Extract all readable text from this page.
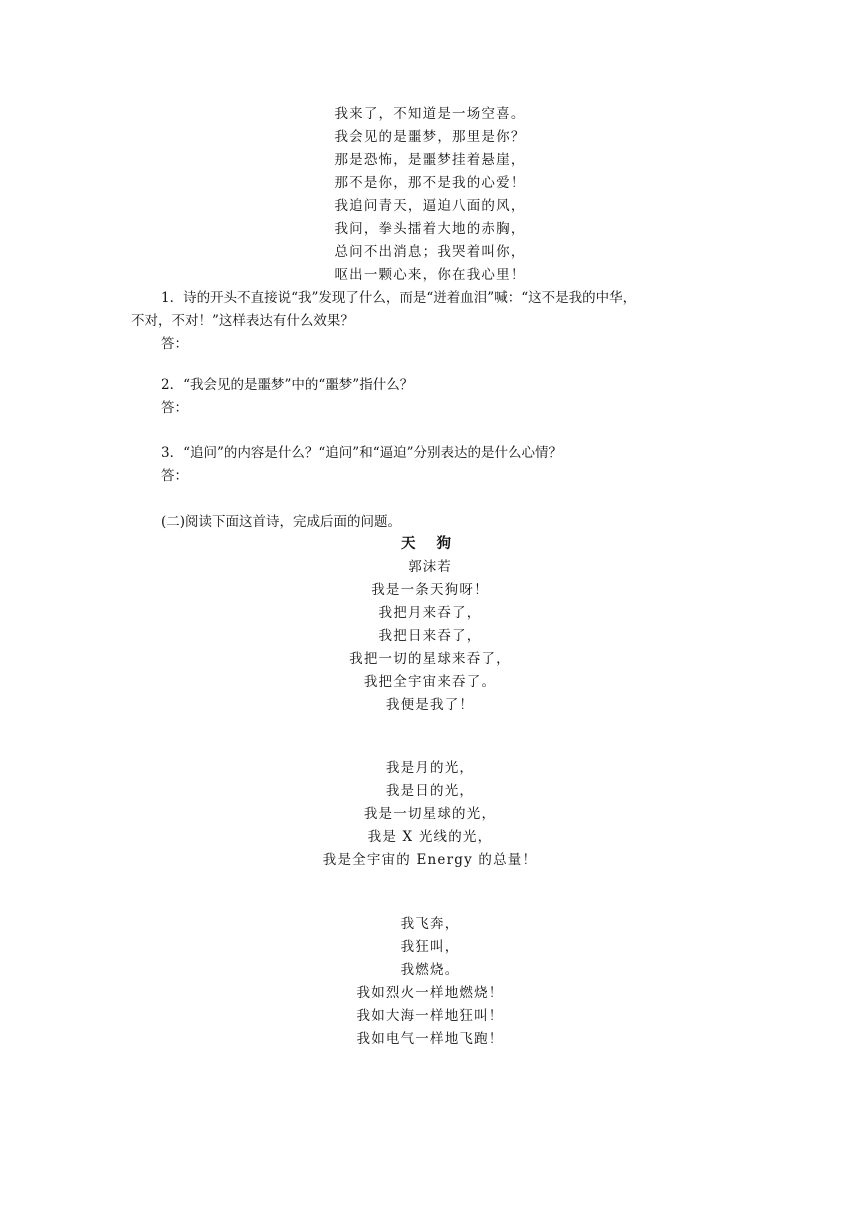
我来了，不知道是一场空喜。
我会见的是噩梦，那里是你？
那是恐怖，是噩梦挂着悬崖，
那不是你，那不是我的心爱！
我追问青天，逼迫八面的风，
我问，拳头擂着大地的赤胸，
总问不出消息；我哭着叫你，
呕出一颗心来，你在我心里！
1．诗的开头不直接说“我”发现了什么，而是“迸着血泪”喊：“这不是我的中华，
不对，不对！”这样表达有什么效果？
答：
2．“我会见的是噩梦”中的“噩梦”指什么？
答：
3．“追问”的内容是什么？“追问”和“逼迫”分别表达的是什么心情？
答：
(二)阅读下面这首诗，完成后面的问题。
天 狗
郭沫若
我是一条天狗呀！
我把月来吞了，
我把日来吞了，
我把一切的星球来吞了，
我把全宇宙来吞了。
我便是我了！
我是月的光，
我是日的光，
我是一切星球的光，
我是 X 光线的光，
我是全宇宙的 Energy 的总量！
我飞奔，
我狂叫，
我燃烧。
我如烈火一样地燃烧！
我如大海一样地狂叫！
我如电气一样地飞跑！
